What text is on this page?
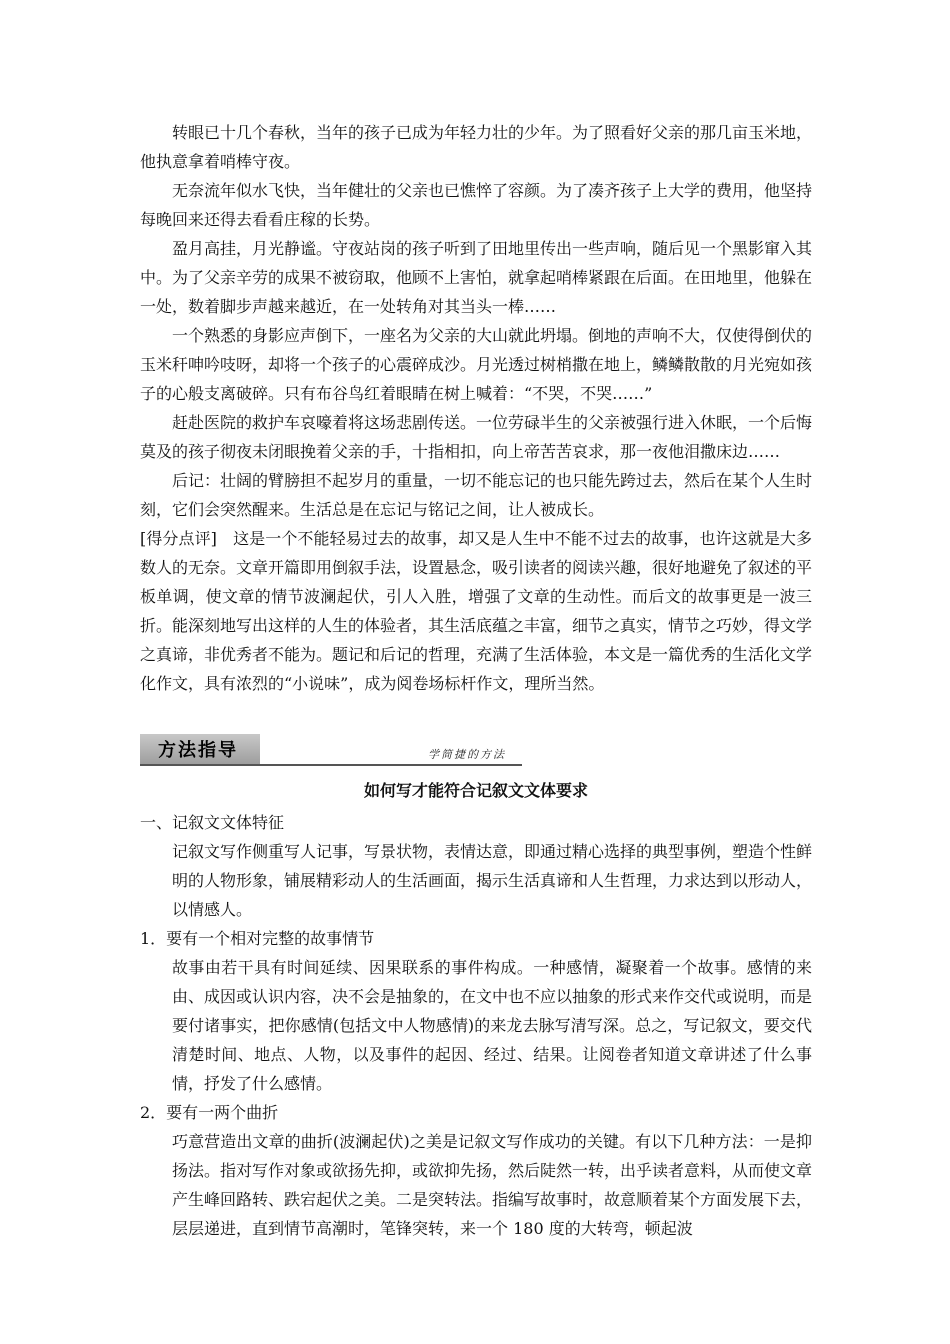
转眼已十几个春秋，当年的孩子已成为年轻力壮的少年。为了照看好父亲的那几亩玉米地，他执意拿着哨棒守夜。

无奈流年似水飞快，当年健壮的父亲也已憔悴了容颜。为了凑齐孩子上大学的费用，他坚持每晚回来还得去看看庄稼的长势。

盈月高挂，月光静谧。守夜站岗的孩子听到了田地里传出一些声响，随后见一个黑影窜入其中。为了父亲辛劳的成果不被窃取，他顾不上害怕，就拿起哨棒紧跟在后面。在田地里，他躲在一处，数着脚步声越来越近，在一处转角对其当头一棒……

一个熟悉的身影应声倒下，一座名为父亲的大山就此坍塌。倒地的声响不大，仅使得倒伏的玉米秆呻吟吱呀，却将一个孩子的心震碎成沙。月光透过树梢撒在地上，鳞鳞散散的月光宛如孩子的心般支离破碎。只有布谷鸟红着眼睛在树上喊着：“不哭，不哭……”

赶赴医院的救护车哀嚎着将这场悲剧传送。一位劳碌半生的父亲被强行进入休眠，一个后悔莫及的孩子彻夜未闭眼挽着父亲的手，十指相扣，向上帝苦苦哀求，那一夜他泪撒床边……

后记：壮阔的臂膀担不起岁月的重量，一切不能忘记的也只能先跨过去，然后在某个人生时刻，它们会突然醒来。生活总是在忘记与铭记之间，让人被成长。

[得分点评]　这是一个不能轻易过去的故事，却又是人生中不能不过去的故事，也许这就是大多数人的无奈。文章开篇即用倒叙手法，设置悬念，吸引读者的阅读兴趣，很好地避免了叙述的平板单调，使文章的情节波澜起伏，引人入胜，增强了文章的生动性。而后文的故事更是一波三折。能深刻地写出这样的人生的体验者，其生活底蕴之丰富，细节之真实，情节之巧妙，得文学之真谛，非优秀者不能为。题记和后记的哲理，充满了生活体验，本文是一篇优秀的生活化文学化作文，具有浓烈的“小说味”，成为阅卷场标杆作文，理所当然。

方法指导	学简捷的方法
如何写才能符合记叙文文体要求

一、记叙文文体特征

记叙文写作侧重写人记事，写景状物，表情达意，即通过精心选择的典型事例，塑造个性鲜明的人物形象，铺展精彩动人的生活画面，揭示生活真谛和人生哲理，力求达到以形动人，以情感人。

1．要有一个相对完整的故事情节

故事由若干具有时间延续、因果联系的事件构成。一种感情，凝聚着一个故事。感情的来由、成因或认识内容，决不会是抽象的，在文中也不应以抽象的形式来作交代或说明，而是要付诸事实，把你感情(包括文中人物感情)的来龙去脉写清写深。总之，写记叙文，要交代清楚时间、地点、人物，以及事件的起因、经过、结果。让阅卷者知道文章讲述了什么事情，抒发了什么感情。

2．要有一两个曲折

巧意营造出文章的曲折(波澜起伏)之美是记叙文写作成功的关键。有以下几种方法：一是抑扬法。指对写作对象或欲扬先抑，或欲抑先扬，然后陡然一转，出乎读者意料，从而使文章产生峰回路转、跌宕起伏之美。二是突转法。指编写故事时，故意顺着某个方面发展下去，层层递进，直到情节高潮时，笔锋突转，来一个 180 度的大转弯，顿起波
